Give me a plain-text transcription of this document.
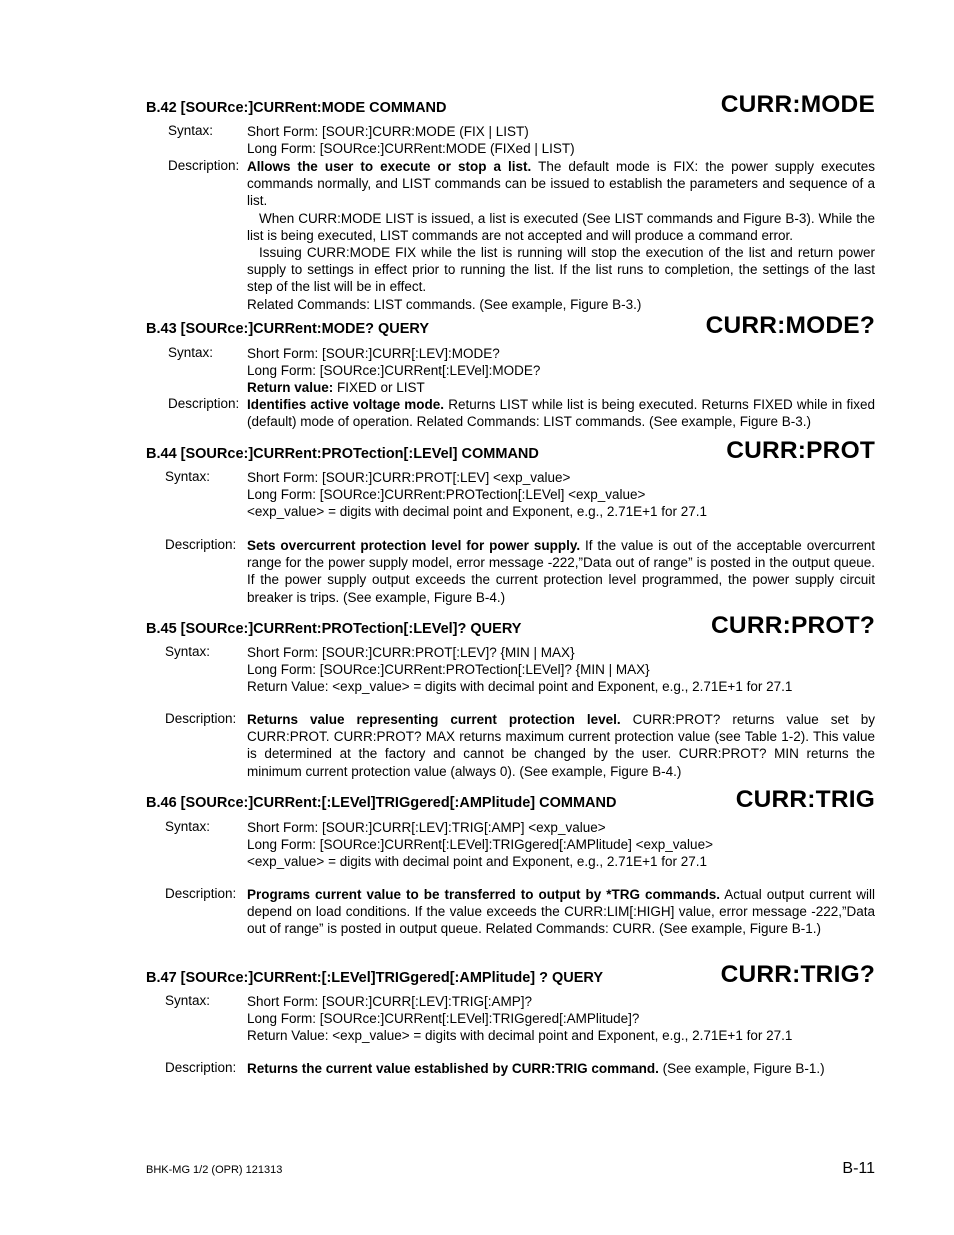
B.42 [SOURce:]CURRent:MODE COMMAND	CURR:MODE
Syntax:	Short Form: [SOUR:]CURR:MODE (FIX | LIST)
Long Form: [SOURce:]CURRent:MODE (FIXed | LIST)
Description: Allows the user to execute or stop a list. The default mode is FIX: the power supply executes commands normally, and LIST commands can be issued to establish the parameters and sequence of a list.
When CURR:MODE LIST is issued, a list is executed (See LIST commands and Figure B-3). While the list is being executed, LIST commands are not accepted and will produce a command error.
Issuing CURR:MODE FIX while the list is running will stop the execution of the list and return power supply to settings in effect prior to running the list. If the list runs to completion, the settings of the last step of the list will be in effect.
Related Commands: LIST commands. (See example, Figure B-3.)
B.43 [SOURce:]CURRent:MODE? QUERY	CURR:MODE?
Syntax:	Short Form: [SOUR:]CURR[:LEV]:MODE?
Long Form: [SOURce:]CURRent[:LEVel]:MODE?
Return value: FIXED or LIST
Description: Identifies active voltage mode. Returns LIST while list is being executed. Returns FIXED while in fixed (default) mode of operation. Related Commands: LIST commands. (See example, Figure B-3.)
B.44 [SOURce:]CURRent:PROTection[:LEVel] COMMAND	CURR:PROT
Syntax:	Short Form: [SOUR:]CURR:PROT[:LEV] <exp_value>
Long Form: [SOURce:]CURRent:PROTection[:LEVel] <exp_value>
<exp_value> = digits with decimal point and Exponent, e.g., 2.71E+1 for 27.1
Description: Sets overcurrent protection level for power supply. If the value is out of the acceptable overcurrent range for the power supply model, error message -222,”Data out of range” is posted in the output queue. If the power supply output exceeds the current protection level programmed, the power supply circuit breaker is trips. (See example, Figure B-4.)
B.45 [SOURce:]CURRent:PROTection[:LEVel]? QUERY	CURR:PROT?
Syntax:	Short Form: [SOUR:]CURR:PROT[:LEV]? {MIN | MAX}
Long Form: [SOURce:]CURRent:PROTection[:LEVel]? {MIN | MAX}
Return Value: <exp_value> = digits with decimal point and Exponent, e.g., 2.71E+1 for 27.1
Description: Returns value representing current protection level. CURR:PROT? returns value set by CURR:PROT. CURR:PROT? MAX returns maximum current protection value (see Table 1-2). This value is determined at the factory and cannot be changed by the user. CURR:PROT? MIN returns the minimum current protection value (always 0). (See example, Figure B-4.)
B.46 [SOURce:]CURRent:[:LEVel]TRIGgered[:AMPlitude] COMMAND	CURR:TRIG
Syntax:	Short Form: [SOUR:]CURR[:LEV]:TRIG[:AMP] <exp_value>
Long Form: [SOURce:]CURRent[:LEVel]:TRIGgered[:AMPlitude] <exp_value>
<exp_value> = digits with decimal point and Exponent, e.g., 2.71E+1 for 27.1
Description: Programs current value to be transferred to output by *TRG commands. Actual output current will depend on load conditions. If the value exceeds the CURR:LIM[:HIGH] value, error message -222,”Data out of range” is posted in output queue. Related Commands: CURR. (See example, Figure B-1.)
B.47 [SOURce:]CURRent:[:LEVel]TRIGgered[:AMPlitude] ? QUERY	CURR:TRIG?
Syntax:	Short Form: [SOUR:]CURR[:LEV]:TRIG[:AMP]?
Long Form: [SOURce:]CURRent[:LEVel]:TRIGgered[:AMPlitude]?
Return Value: <exp_value> = digits with decimal point and Exponent, e.g., 2.71E+1 for 27.1
Description: Returns the current value established by CURR:TRIG command. (See example, Figure B-1.)
BHK-MG 1/2 (OPR) 121313	B-11
